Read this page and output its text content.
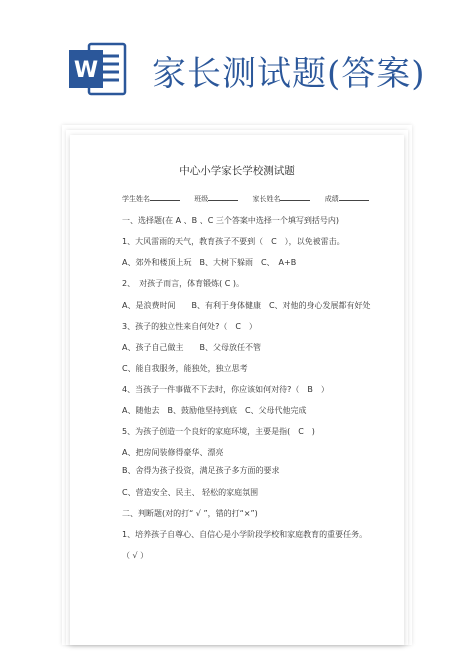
W 家长测试题(答案)
中心小学家长学校测试题
学生姓名	班级	家长姓名	成绩
一、选择题(在 A 、B 、C 三个答案中选择一个填写到括号内)
1、大风雷雨的天气，教育孩子不要到（　C　），以免被雷击。
A、郊外和楼顶上玩　B、大树下躲雨　C、　A+B
2、　对孩子而言，体育锻炼( C )。
A、是浪费时间　　B、有利于身体健康　C、对他的身心发展都有好处
3、孩子的独立性来自何处?（　C　）
A、孩子自己做主　　B、父母放任不管
C、能自我服务，能独处，独立思考
4、当孩子一件事做不下去时，你应该如何对待?（　B　）
A、随他去　B、鼓励他坚持到底　C、父母代他完成
5、为孩子创造一个良好的家庭环境，主要是指(　C　)
A、把房间装修得豪华、漂亮
B、舍得为孩子投资，满足孩子多方面的要求
C、营造安全、民主、 轻松的家庭氛围
二、判断题(对的打“ √ ”，错的打“×”)
1、培养孩子自尊心、自信心是小学阶段学校和家庭教育的重要任务。
（ √ ）
